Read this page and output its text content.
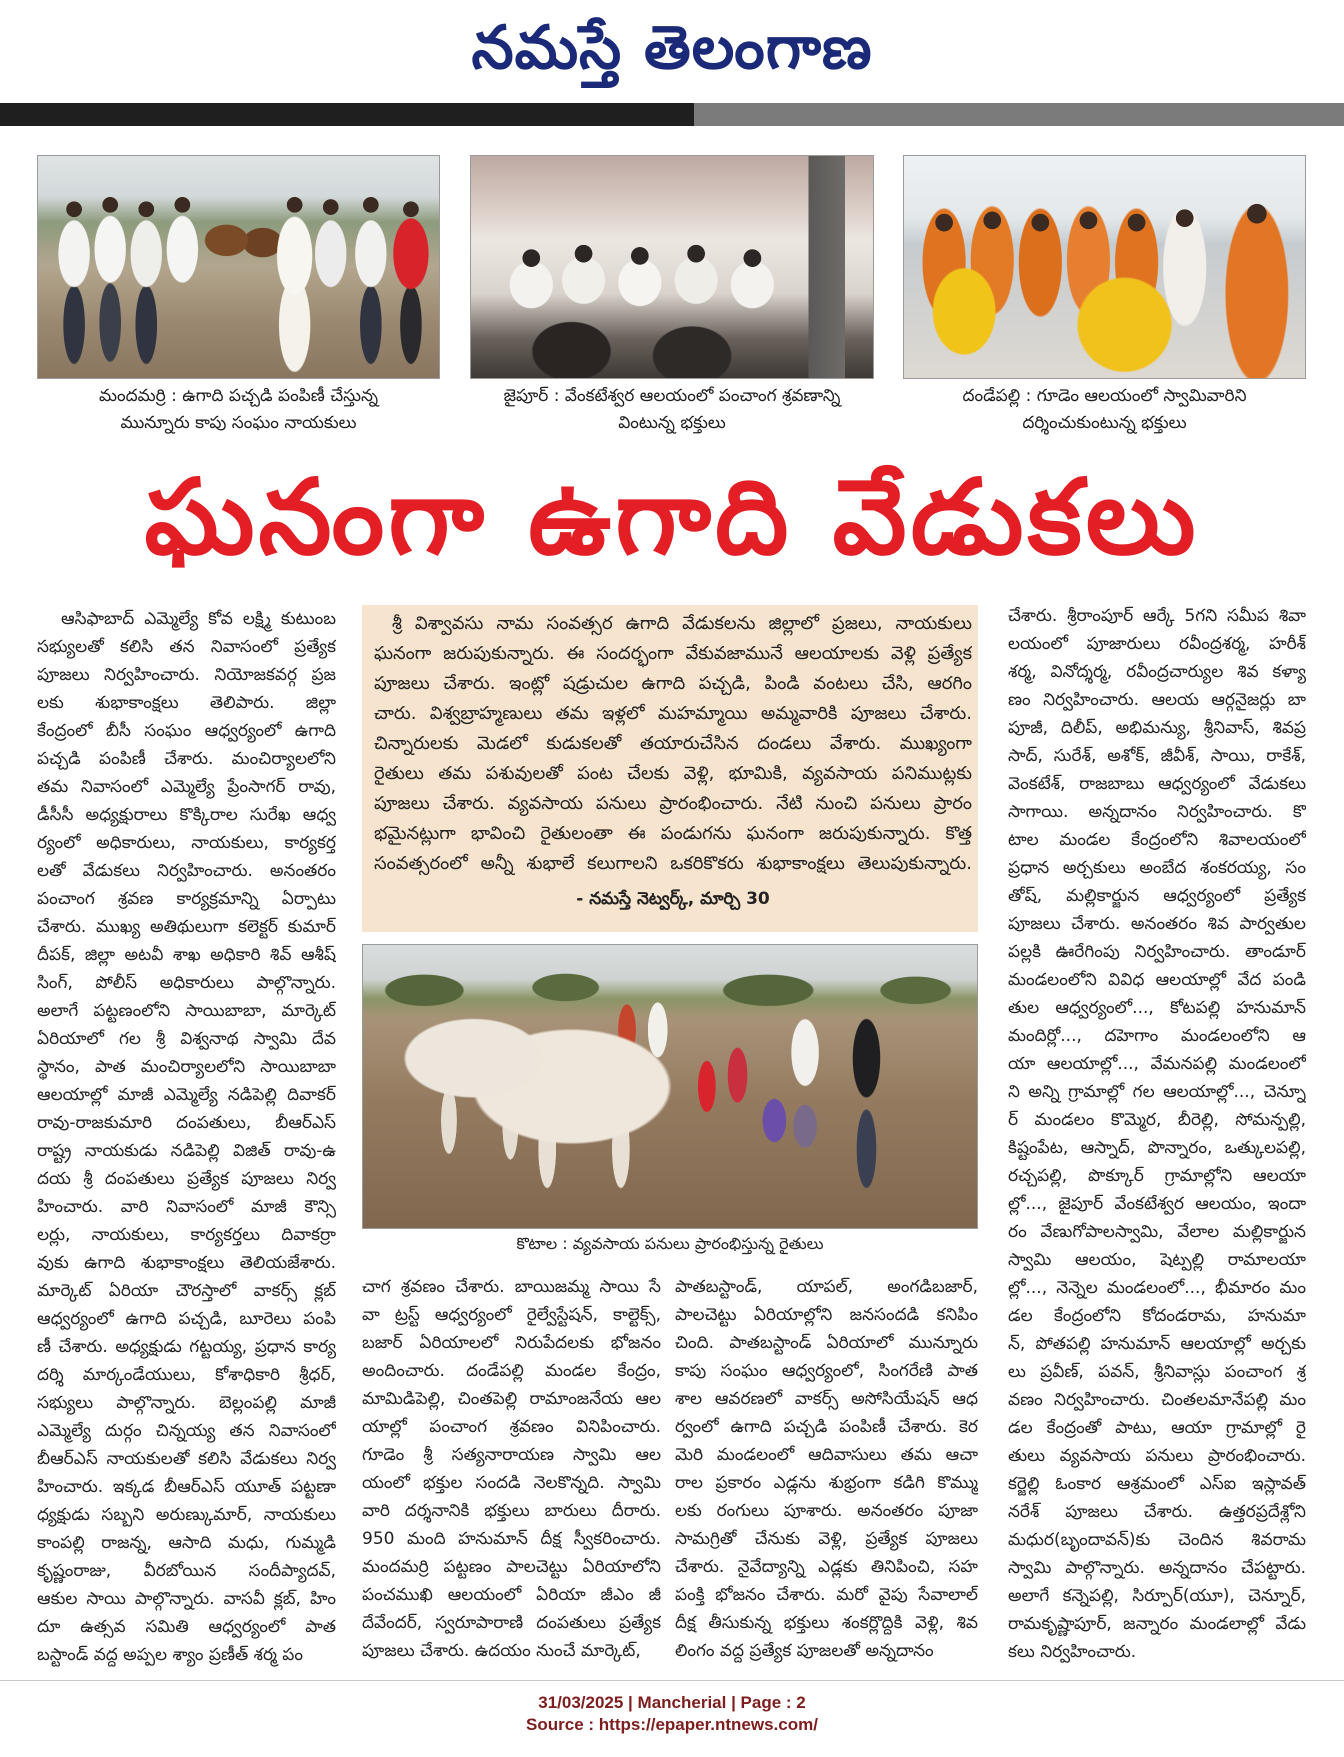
నమస్తే తెలంగాణ
మందమర్రి : ఉగాది పచ్చడి పంపిణీ చేస్తున్న
మున్నూరు కాపు సంఘం నాయకులు
జైపూర్ : వేంకటేశ్వర ఆలయంలో పంచాంగ శ్రవణాన్ని
వింటున్న భక్తులు
దండేపల్లి : గూడెం ఆలయంలో స్వామివారిని
దర్శించుకుంటున్న భక్తులు
ఘనంగా ఉగాది వేడుకలు
ఆసిఫాబాద్ ఎమ్మెల్యే కోవ లక్ష్మి కుటుంబ
సభ్యులతో కలిసి తన నివాసంలో ప్రత్యేక
పూజలు నిర్వహించారు. నియోజకవర్గ ప్రజ
లకు శుభాకాంక్షలు తెలిపారు. జిల్లా
కేంద్రంలో బీసీ సంఘం ఆధ్వర్యంలో ఉగాది
పచ్చడి పంపిణీ చేశారు. మంచిర్యాలలోని
తమ నివాసంలో ఎమ్మెల్యే ప్రేంసాగర్ రావు,
డీసీసీ అధ్యక్షురాలు కొక్కిరాల సురేఖ ఆధ్వ
ర్యంలో అధికారులు, నాయకులు, కార్యకర్త
లతో వేడుకలు నిర్వహించారు. అనంతరం
పంచాంగ శ్రవణ కార్యక్రమాన్ని ఏర్పాటు
చేశారు. ముఖ్య అతిథులుగా కలెక్టర్ కుమార్
దీపక్, జిల్లా అటవీ శాఖ అధికారి శివ్ ఆశీష్
సింగ్, పోలీస్ అధికారులు పాల్గొన్నారు.
అలాగే పట్టణంలోని సాయిబాబా, మార్కెట్
ఏరియాలో గల శ్రీ విశ్వనాథ స్వామి దేవ
స్థానం, పాత మంచిర్యాలలోని సాయిబాబా
ఆలయాల్లో మాజీ ఎమ్మెల్యే నడిపెల్లి దివాకర్
రావు-రాజకుమారి దంపతులు, బీఆర్ఎస్
రాష్ట్ర నాయకుడు నడిపెల్లి విజిత్ రావు-ఉ
దయ శ్రీ దంపతులు ప్రత్యేక పూజలు నిర్వ
హించారు. వారి నివాసంలో మాజీ కౌన్సి
లర్లు, నాయకులు, కార్యకర్తలు దివాకర్రా
వుకు ఉగాది శుభాకాంక్షలు తెలియజేశారు.
మార్కెట్ ఏరియా చౌరస్తాలో వాకర్స్ క్లబ్
ఆధ్వర్యంలో ఉగాది పచ్చడి, బూరెలు పంపి
ణీ చేశారు. అధ్యక్షుడు గట్టయ్య, ప్రధాన కార్య
దర్శి మార్కండేయులు, కోశాధికారి శ్రీధర్,
సభ్యులు పాల్గొన్నారు. బెల్లంపల్లి మాజీ
ఎమ్మెల్యే దుర్గం చిన్నయ్య తన నివాసంలో
బీఆర్ఎస్ నాయకులతో కలిసి వేడుకలు నిర్వ
హించారు. ఇక్కడ బీఆర్ఎస్ యూత్ పట్టణా
ధ్యక్షుడు సబ్బని అరుణ్కుమార్, నాయకులు
కాంపల్లి రాజన్న, ఆసాది మధు, గుమ్మడి
కృష్ణంరాజు, వీరబోయిన సందీప్యాదవ్,
ఆకుల సాయి పాల్గొన్నారు. వాసవీ క్లబ్, హిం
దూ ఉత్సవ సమితి ఆధ్వర్యంలో పాత
బస్టాండ్ వద్ద అప్పల శ్యాం ప్రణీత్ శర్మ పం
శ్రీ విశ్వావసు నామ సంవత్సర ఉగాది వేడుకలను జిల్లాలో ప్రజలు, నాయకులు
ఘనంగా జరుపుకున్నారు. ఈ సందర్భంగా వేకువజామునే ఆలయాలకు వెళ్లి ప్రత్యేక
పూజలు చేశారు. ఇంట్లో షడ్రుచుల ఉగాది పచ్చడి, పిండి వంటలు చేసి, ఆరగిం
చారు. విశ్వబ్రాహ్మణులు తమ ఇళ్లలో మహమ్మాయి అమ్మవారికి పూజలు చేశారు.
చిన్నారులకు మెడలో కుడుకలతో తయారుచేసిన దండలు వేశారు. ముఖ్యంగా
రైతులు తమ పశువులతో పంట చేలకు వెళ్లి, భూమికి, వ్యవసాయ పనిముట్లకు
పూజలు చేశారు. వ్యవసాయ పనులు ప్రారంభించారు. నేటి నుంచి పనులు ప్రారం
భమైనట్లుగా భావించి రైతులంతా ఈ పండుగను ఘనంగా జరుపుకున్నారు. కొత్త
సంవత్సరంలో అన్నీ శుభాలే కలుగాలని ఒకరికొకరు శుభాకాంక్షలు తెలుపుకున్నారు.
- నమస్తే నెట్వర్క్, మార్చి 30
కొటాల : వ్యవసాయ పనులు ప్రారంభిస్తున్న రైతులు
చాగ శ్రవణం చేశారు. బాయిజమ్మ సాయి సే
వా ట్రస్ట్ ఆధ్వర్యంలో రైల్వేస్టేషన్, కాల్టెక్స్,
బజార్ ఏరియాలలో నిరుపేదలకు భోజనం
అందించారు. దండేపల్లి మండల కేంద్రం,
మామిడిపెల్లి, చింతపెల్లి రామాంజనేయ ఆల
యాల్లో పంచాంగ శ్రవణం వినిపించారు.
గూడెం శ్రీ సత్యనారాయణ స్వామి ఆల
యంలో భక్తుల సందడి నెలకొన్నది. స్వామి
వారి దర్శనానికి భక్తులు బారులు దీరారు.
950 మంది హనుమాన్ దీక్ష స్వీకరించారు.
మందమర్రి పట్టణం పాలచెట్టు ఏరియాలోని
పంచముఖి ఆలయంలో ఏరియా జీఎం జీ
దేవేందర్, స్వరూపారాణి దంపతులు ప్రత్యేక
పూజలు చేశారు. ఉదయం నుంచే మార్కెట్,
పాతబస్టాండ్, యాపల్, అంగడిబజార్,
పాలచెట్టు ఏరియాల్లోని జనసందడి కనిపిం
చింది. పాతబస్టాండ్ ఏరియాలో మున్నూరు
కాపు సంఘం ఆధ్వర్యంలో, సింగరేణి పాత
శాల ఆవరణలో వాకర్స్ అసోసియేషన్ ఆధ
ర్వంలో ఉగాది పచ్చడి పంపిణీ చేశారు. కెర
మెరి మండలంలో ఆదివాసులు తమ ఆచా
రాల ప్రకారం ఎడ్లను శుభ్రంగా కడిగి కొమ్ము
లకు రంగులు పూశారు. అనంతరం పూజా
సామగ్రితో చేనుకు వెళ్లి, ప్రత్యేక పూజలు
చేశారు. నైవేద్యాన్ని ఎడ్లకు తినిపించి, సహ
పంక్తి భోజనం చేశారు. మరో వైపు సేవాలాల్
దీక్ష తీసుకున్న భక్తులు శంకర్లొద్దికి వెళ్లి, శివ
లింగం వద్ద ప్రత్యేక పూజలతో అన్నదానం
చేశారు. శ్రీరాంపూర్ ఆర్కే 5గని సమీప శివా
లయంలో పూజారులు రవీంద్రశర్మ, హరీశ్
శర్మ, వినోద్శర్మ, రవీంద్రచార్యుల శివ కళ్యా
ణం నిర్వహించారు. ఆలయ ఆర్గనైజర్లు బా
పూజీ, దిలీప్, అభిమన్యు, శ్రీనివాస్, శివప్ర
సాద్, సురేశ్, అశోక్, జీవీశ్, సాయి, రాకేశ్,
వెంకటేశ్, రాజబాబు ఆధ్వర్యంలో వేడుకలు
సాగాయి. అన్నదానం నిర్వహించారు. కొ
టాల మండల కేంద్రంలోని శివాలయంలో
ప్రధాన అర్చకులు అంబేద శంకరయ్య, సం
తోష్, మల్లికార్జున ఆధ్వర్యంలో ప్రత్యేక
పూజలు చేశారు. అనంతరం శివ పార్వతుల
పల్లకి ఊరేగింపు నిర్వహించారు. తాండూర్
మండలంలోని వివిధ ఆలయాల్లో వేద పండి
తుల ఆధ్వర్యంలో..., కోటపల్లి హనుమాన్
మందిర్లో..., దహెగాం మండలంలోని ఆ
యా ఆలయాల్లో..., వేమనపల్లి మండలంలో
ని అన్ని గ్రామాల్లో గల ఆలయాల్లో..., చెన్నూ
ర్ మండలం కొమ్మెర, బీరెల్లి, సోమన్పల్లి,
కిష్టంపేట, ఆస్నాద్, పొన్నారం, ఒత్కులపల్లి,
రచ్చపల్లి, పొక్కూర్ గ్రామాల్లోని ఆలయా
ల్లో..., జైపూర్ వేంకటేశ్వర ఆలయం, ఇందా
రం వేణుగోపాలస్వామి, వేలాల మల్లికార్జున
స్వామి ఆలయం, షెట్పల్లి రామాలయా
ల్లో..., నెన్నెల మండలంలో..., భీమారం మం
డల కేంద్రంలోని కోదండరామ, హనుమా
న్, పోతపల్లి హనుమాన్ ఆలయాల్లో అర్చకు
లు ప్రవీణ్, పవన్, శ్రీనివాస్లు పంచాంగ శ్ర
వణం నిర్వహించారు. చింతలమానేపల్లి మం
డల కేంద్రంతో పాటు, ఆయా గ్రామాల్లో రై
తులు వ్యవసాయ పనులు ప్రారంభించారు.
కర్జెల్లి ఓంకార ఆశ్రమంలో ఎస్ఐ ఇస్లావత్
నరేశ్ పూజలు చేశారు. ఉత్తరప్రదేశ్లోని
మధుర(బృందావన్)కు చెందిన శివరామ
స్వామి పాల్గొన్నారు. అన్నదానం చేపట్టారు.
అలాగే కన్నెపల్లి, సిర్పూర్(యూ), చెన్నూర్,
రామకృష్ణాపూర్, జన్నారం మండలాల్లో వేడు
కలు నిర్వహించారు.
31/03/2025 | Mancherial | Page : 2
Source : https://epaper.ntnews.com/
